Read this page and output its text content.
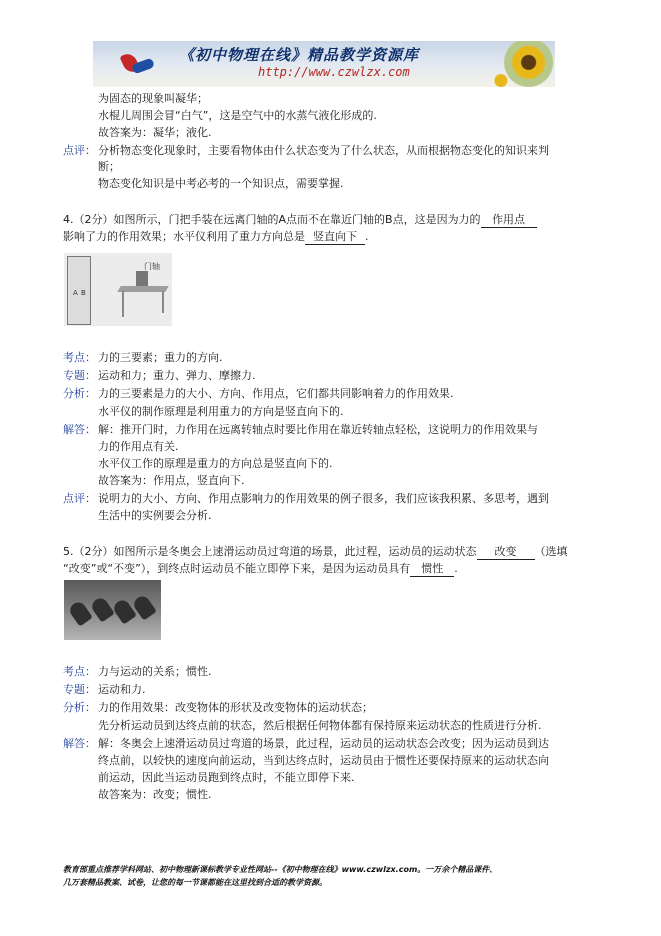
《初中物理在线》精品教学资源库
http://www.czwlzx.com
为固态的现象叫凝华；
水棍儿周围会冒“白气”，这是空气中的水蒸气液化形成的.
故答案为：凝华；液化.
点评： 分析物态变化现象时，主要看物体由什么状态变为了什么状态，从而根据物态变化的知识来判
断；
物态变化知识是中考必考的一个知识点，需要掌握.
4.（2分）如图所示，门把手装在远离门轴的A点而不在靠近门轴的B点，这是因为力的 作用点
影响了力的作用效果；水平仪利用了重力方向总是 竖直向下 .
A B
门轴
考点： 力的三要素；重力的方向.
专题： 运动和力；重力、弹力、摩擦力.
分析： 力的三要素是力的大小、方向、作用点，它们都共同影响着力的作用效果.
水平仪的制作原理是利用重力的方向是竖直向下的.
解答： 解：推开门时，力作用在远离转轴点时要比作用在靠近转轴点轻松，这说明力的作用效果与
力的作用点有关.
水平仪工作的原理是重力的方向总是竖直向下的.
故答案为：作用点，竖直向下.
点评： 说明力的大小、方向、作用点影响力的作用效果的例子很多，我们应该我积累、多思考，遇到
生活中的实例要会分析.
5.（2分）如图所示是冬奥会上速滑运动员过弯道的场景，此过程，运动员的运动状态 改变 （选填
“改变”或“不变”），到终点时运动员不能立即停下来，是因为运动员具有 惯性 .
考点： 力与运动的关系；惯性.
专题： 运动和力.
分析： 力的作用效果：改变物体的形状及改变物体的运动状态；
先分析运动员到达终点前的状态，然后根据任何物体都有保持原来运动状态的性质进行分析.
解答： 解：冬奥会上速滑运动员过弯道的场景，此过程，运动员的运动状态会改变；因为运动员到达
终点前，以较快的速度向前运动，当到达终点时，运动员由于惯性还要保持原来的运动状态向
前运动，因此当运动员跑到终点时，不能立即停下来.
故答案为：改变；惯性.
教育部重点推荐学科网站、初中物理新课标教学专业性网站--《初中物理在线》www.czwlzx.com。一万余个精品课件、
几万套精品教案、试卷，让您的每一节课都能在这里找到合适的教学资源。
